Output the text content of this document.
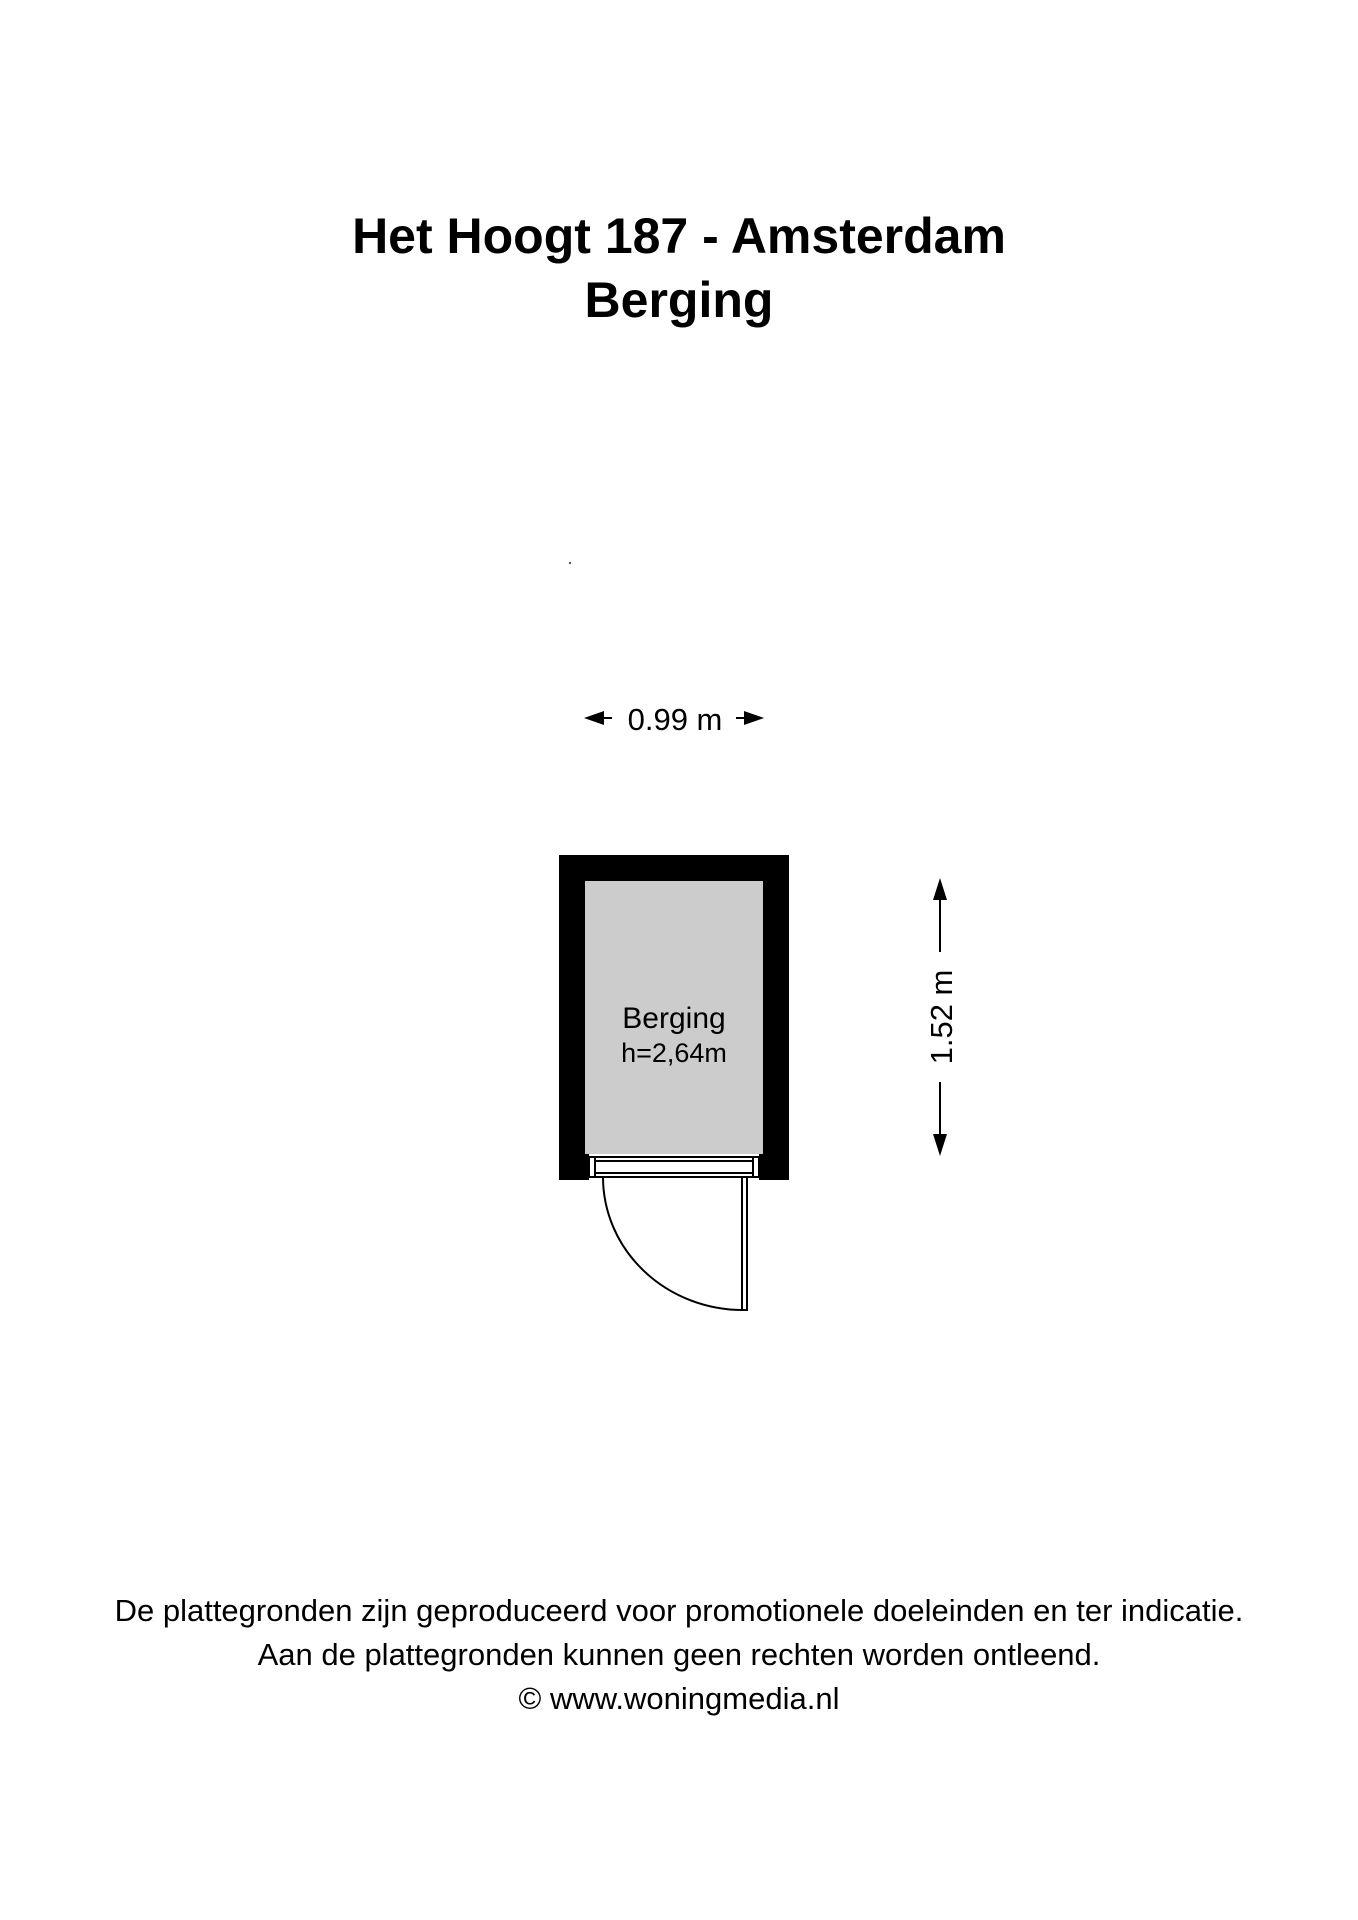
Het Hoogt 187 - Amsterdam
Berging
0.99 m
Berging
h=2,64m	1.52 m
De plattegronden zijn geproduceerd voor promotionele doeleinden en ter indicatie.
Aan de plattegronden kunnen geen rechten worden ontleend.
© www.woningmedia.nl
